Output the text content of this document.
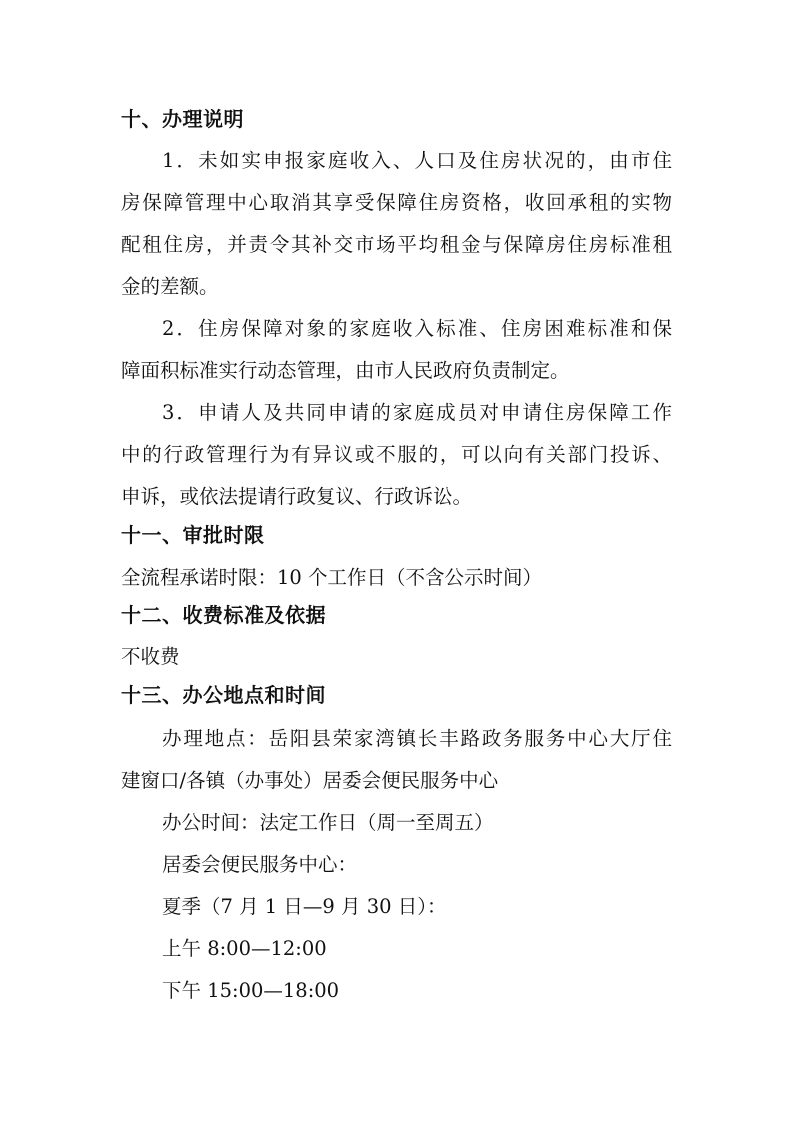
十、办理说明

1．未如实申报家庭收入、人口及住房状况的，由市住

房保障管理中心取消其享受保障住房资格，收回承租的实物

配租住房，并责令其补交市场平均租金与保障房住房标准租

金的差额。

2．住房保障对象的家庭收入标准、住房困难标准和保

障面积标准实行动态管理，由市人民政府负责制定。

3．申请人及共同申请的家庭成员对申请住房保障工作

中的行政管理行为有异议或不服的，可以向有关部门投诉、

申诉，或依法提请行政复议、行政诉讼。

十一、审批时限

全流程承诺时限：10 个工作日（不含公示时间）

十二、收费标准及依据

不收费

十三、办公地点和时间

办理地点：岳阳县荣家湾镇长丰路政务服务中心大厅住

建窗口/各镇（办事处）居委会便民服务中心

办公时间：法定工作日（周一至周五）

居委会便民服务中心：

夏季（7 月 1 日—9 月 30 日）：

上午 8:00—12:00

下午 15:00—18:00
